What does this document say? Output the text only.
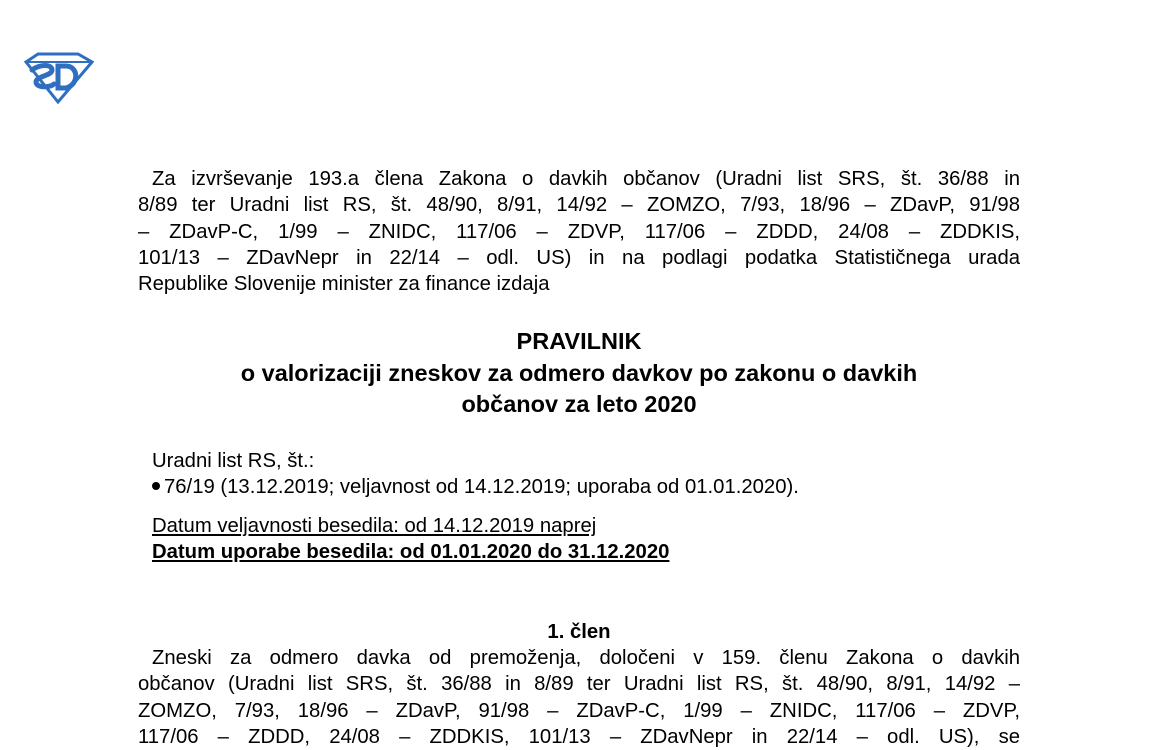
Za izvrševanje 193.a člena Zakona o davkih občanov (Uradni list SRS, št. 36/88 in
8/89 ter Uradni list RS, št. 48/90, 8/91, 14/92 – ZOMZO, 7/93, 18/96 – ZDavP, 91/98
– ZDavP-C, 1/99 – ZNIDC, 117/06 – ZDVP, 117/06 – ZDDD, 24/08 – ZDDKIS,
101/13 – ZDavNepr in 22/14 – odl. US) in na podlagi podatka Statističnega urada
Republike Slovenije minister za finance izdaja
PRAVILNIK
o valorizaciji zneskov za odmero davkov po zakonu o davkih
občanov za leto 2020
Uradni list RS, št.:
76/19 (13.12.2019; veljavnost od 14.12.2019; uporaba od 01.01.2020).
Datum veljavnosti besedila: od 14.12.2019 naprej
Datum uporabe besedila: od 01.01.2020 do 31.12.2020
1. člen
Zneski za odmero davka od premoženja, določeni v 159. členu Zakona o davkih
občanov (Uradni list SRS, št. 36/88 in 8/89 ter Uradni list RS, št. 48/90, 8/91, 14/92 –
ZOMZO, 7/93, 18/96 – ZDavP, 91/98 – ZDavP-C, 1/99 – ZNIDC, 117/06 – ZDVP,
117/06 – ZDDD, 24/08 – ZDDKIS, 101/13 – ZDavNepr in 22/14 – odl. US), se
